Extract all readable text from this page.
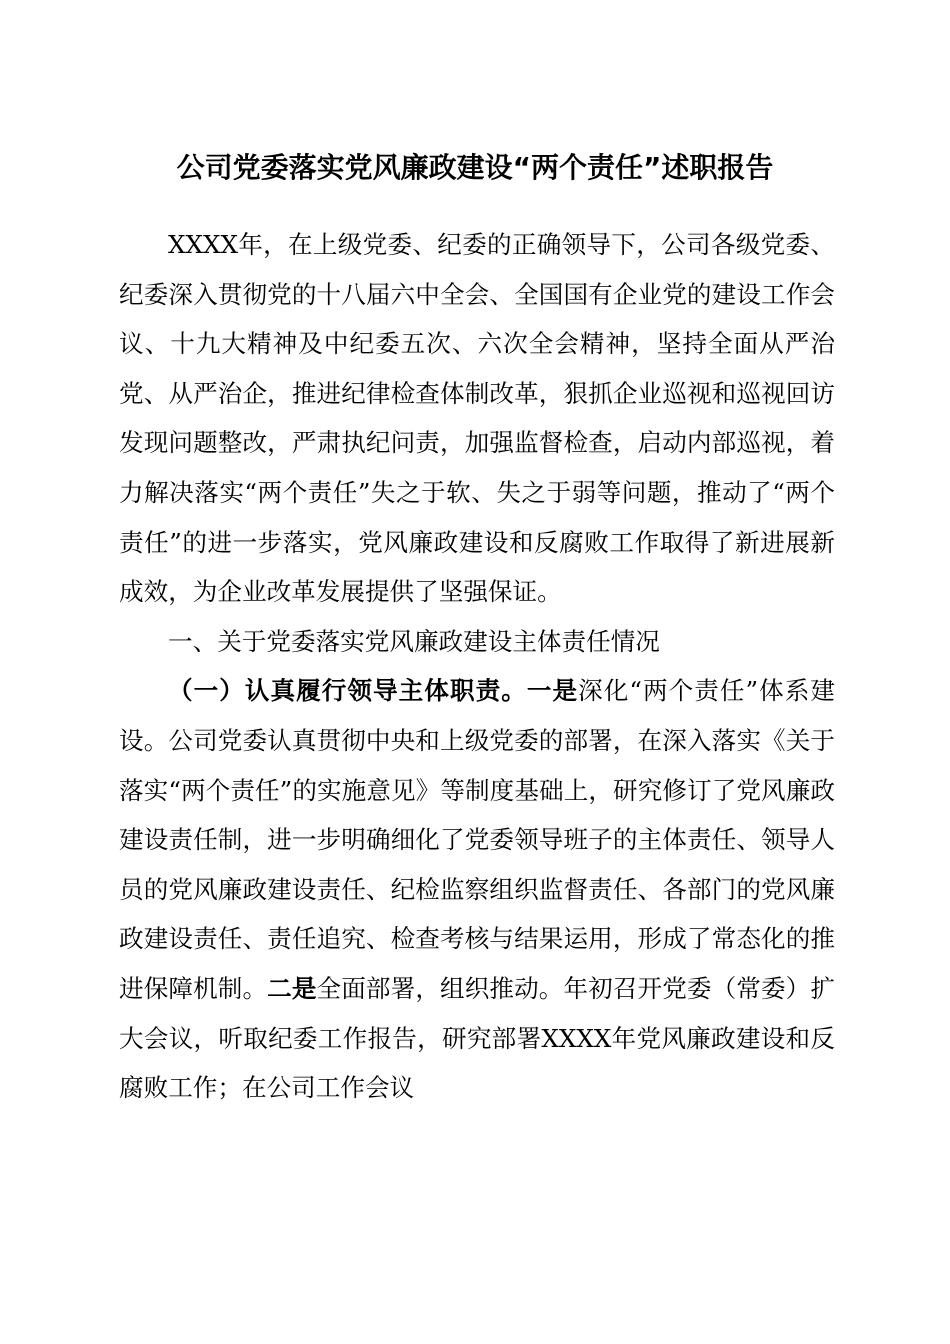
公司党委落实党风廉政建设“两个责任”述职报告

XXXX年，在上级党委、纪委的正确领导下，公司各级党委、纪委深入贯彻党的十八届六中全会、全国国有企业党的建设工作会议、十九大精神及中纪委五次、六次全会精神，坚持全面从严治党、从严治企，推进纪律检查体制改革，狠抓企业巡视和巡视回访发现问题整改，严肃执纪问责，加强监督检查，启动内部巡视，着力解决落实“两个责任”失之于软、失之于弱等问题，推动了“两个责任”的进一步落实，党风廉政建设和反腐败工作取得了新进展新成效，为企业改革发展提供了坚强保证。

一、关于党委落实党风廉政建设主体责任情况

（一）认真履行领导主体职责。一是深化“两个责任”体系建设。公司党委认真贯彻中央和上级党委的部署，在深入落实《关于落实“两个责任”的实施意见》等制度基础上，研究修订了党风廉政建设责任制，进一步明确细化了党委领导班子的主体责任、领导人员的党风廉政建设责任、纪检监察组织监督责任、各部门的党风廉政建设责任、责任追究、检查考核与结果运用，形成了常态化的推进保障机制。二是全面部署，组织推动。年初召开党委（常委）扩大会议，听取纪委工作报告，研究部署XXXX年党风廉政建设和反腐败工作；在公司工作会议
